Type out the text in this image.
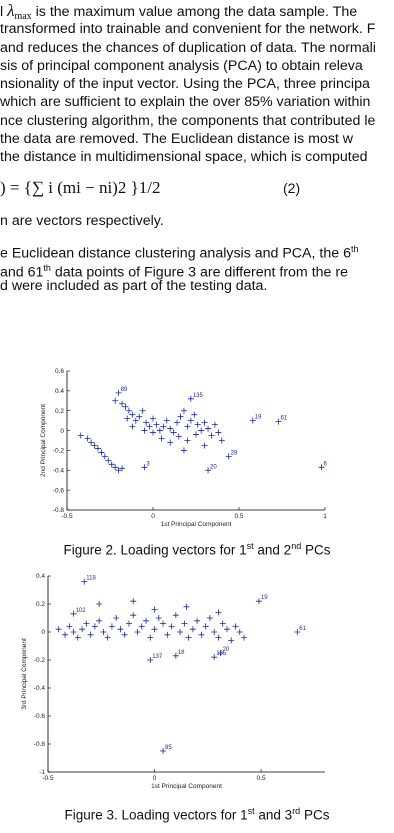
l $\lambda_{max}$ is the maximum value among the data sample. The
transformed into trainable and convenient for the network. F
and reduces the chances of duplication of data. The normali
sis of principal component analysis (PCA) to obtain releva
nsionality of the input vector. Using the PCA, three principa
which are sufficient to explain the over 85% variation within
nce clustering algorithm, the components that contributed le
the data are removed. The Euclidean distance is most w
the distance in multidimensional space, which is computed
) = {∑ i (mi − ni)2 }1/2	(2)
n are vectors respectively.
e Euclidean distance clustering analysis and PCA, the 6th
and 61th data points of Figure 3 are different from the re
d were included as part of the testing data.
-0.5	0	0.5	1
0.6
0.4
0.2
0
-0.2
-0.4
-0.6
-0.8
1st Principal Component
2nd Principal Component
89
135
19	61
28
20
3	6
Figure 2. Loading vectors for 1st and 2nd PCs
-0.5	0	0.5
0.4
0.2
0
-0.2
-0.4
-0.6
-0.8
-1
1st Principal Component
3rd Principal Component
118
102
19
61
137
18	135
20
85
Figure 3. Loading vectors for 1st and 3rd PCs
